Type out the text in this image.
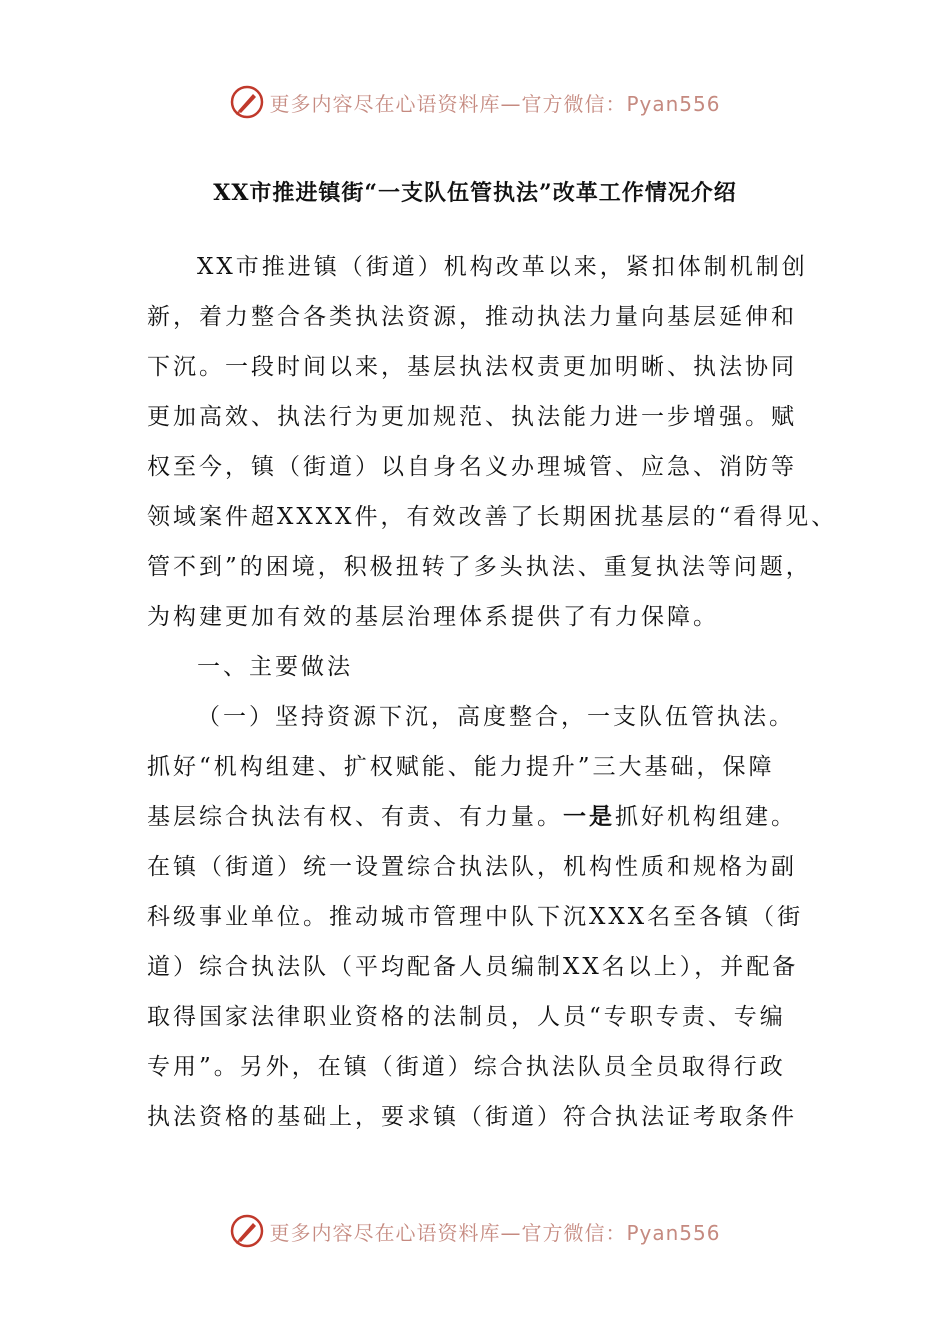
更多内容尽在心语资料库—官方微信：Pyan556
XX市推进镇街“一支队伍管执法”改革工作情况介绍

XX市推进镇（街道）机构改革以来，紧扣体制机制创
新，着力整合各类执法资源，推动执法力量向基层延伸和
下沉。一段时间以来，基层执法权责更加明晰、执法协同
更加高效、执法行为更加规范、执法能力进一步增强。赋
权至今，镇（街道）以自身名义办理城管、应急、消防等
领域案件超XXXX件，有效改善了长期困扰基层的“看得见、
管不到”的困境，积极扭转了多头执法、重复执法等问题，
为构建更加有效的基层治理体系提供了有力保障。

一、主要做法

（一）坚持资源下沉，高度整合，一支队伍管执法。
抓好“机构组建、扩权赋能、能力提升”三大基础，保障
基层综合执法有权、有责、有力量。一是抓好机构组建。
在镇（街道）统一设置综合执法队，机构性质和规格为副
科级事业单位。推动城市管理中队下沉XXX名至各镇（街
道）综合执法队（平均配备人员编制XX名以上），并配备
取得国家法律职业资格的法制员，人员“专职专责、专编
专用”。另外，在镇（街道）综合执法队员全员取得行政
执法资格的基础上，要求镇（街道）符合执法证考取条件

更多内容尽在心语资料库—官方微信：Pyan556
